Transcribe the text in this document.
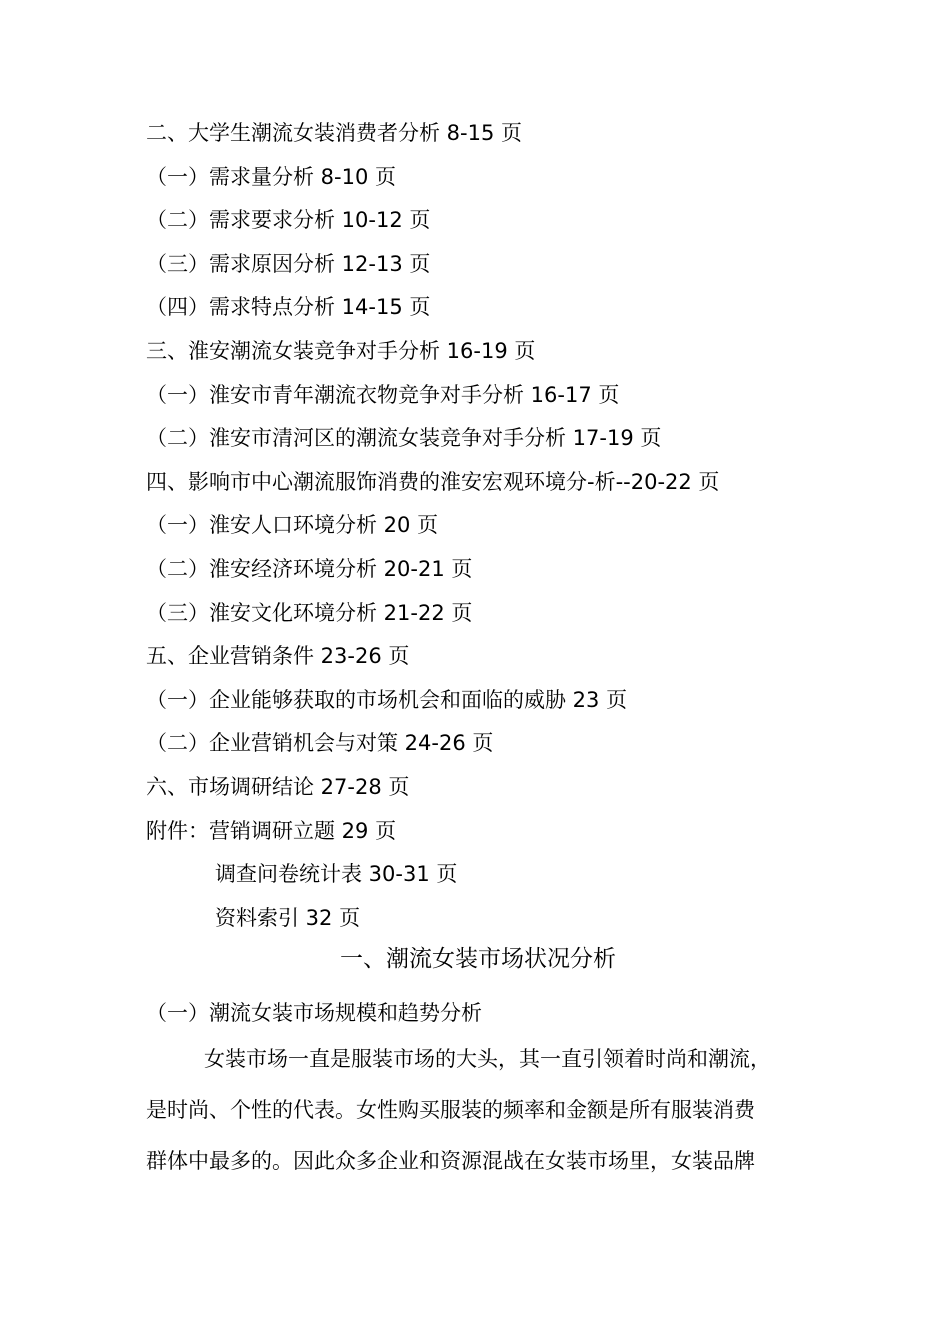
二、大学生潮流女装消费者分析 8-15 页
（一）需求量分析 8-10 页
（二）需求要求分析 10-12 页
（三）需求原因分析 12-13 页
（四）需求特点分析 14-15 页
三、淮安潮流女装竞争对手分析 16-19 页
（一）淮安市青年潮流衣物竞争对手分析 16-17 页
（二）淮安市清河区的潮流女装竞争对手分析 17-19 页
四、影响市中心潮流服饰消费的淮安宏观环境分-析--20-22 页
（一）淮安人口环境分析 20 页
（二）淮安经济环境分析 20-21 页
（三）淮安文化环境分析 21-22 页
五、企业营销条件 23-26 页
（一）企业能够获取的市场机会和面临的威胁 23 页
（二）企业营销机会与对策 24-26 页
六、市场调研结论 27-28 页
附件：营销调研立题 29 页
调查问卷统计表 30-31 页
资料索引 32 页
一、潮流女装市场状况分析
（一）潮流女装市场规模和趋势分析
女装市场一直是服装市场的大头，其一直引领着时尚和潮流，
是时尚、个性的代表。女性购买服装的频率和金额是所有服装消费
群体中最多的。因此众多企业和资源混战在女装市场里，女装品牌
